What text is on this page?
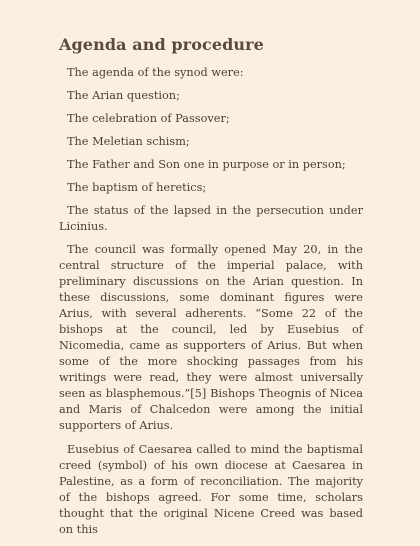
Agenda and procedure

The agenda of the synod were:

The Arian question;

The celebration of Passover;

The Meletian schism;

The Father and Son one in purpose or in person;

The baptism of heretics;

The status of the lapsed in the persecution under Licinius.

The council was formally opened May 20, in the central structure of the imperial palace, with preliminary discussions on the Arian question. In these discussions, some dominant figures were Arius, with several adherents. “Some 22 of the bishops at the council, led by Eusebius of Nicomedia, came as supporters of Arius. But when some of the more shocking passages from his writings were read, they were almost universally seen as blasphemous.”[5] Bishops Theognis of Nicea and Maris of Chalcedon were among the initial supporters of Arius.

Eusebius of Caesarea called to mind the baptismal creed (symbol) of his own diocese at Caesarea in Palestine, as a form of reconciliation. The majority of the bishops agreed. For some time, scholars thought that the original Nicene Creed was based on this
